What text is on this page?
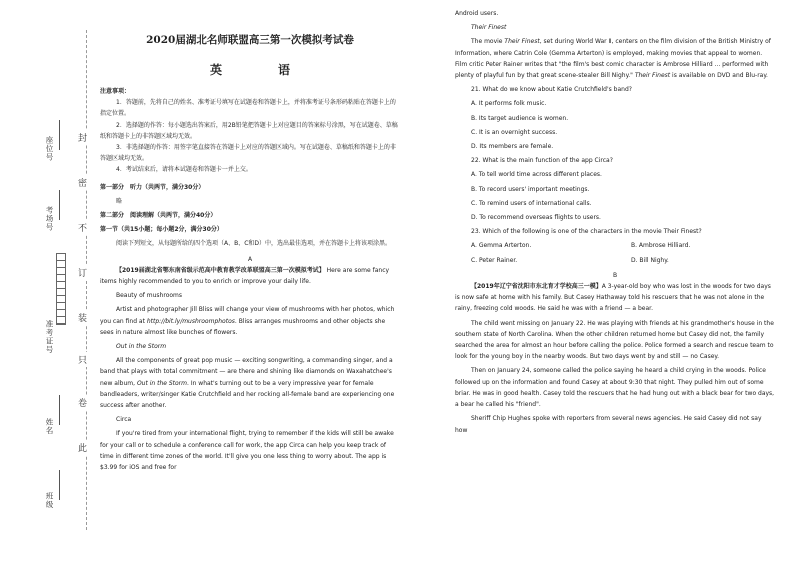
封
密
不
订
装
只
卷
此
座位号
考场号
准考证号
姓名
班级
2020届湖北名师联盟高三第一次模拟考试卷
英　语

注意事项：

1．答题前，先将自己的姓名、准考证号填写在试题卷和答题卡上，并将准考证号条形码粘贴在答题卡上的指定位置。

2．选择题的作答：每小题选出答案后，用2B铅笔把答题卡上对应题目的答案标号涂黑，写在试题卷、草稿纸和答题卡上的非答题区域均无效。

3．非选择题的作答：用签字笔直接答在答题卡上对应的答题区域内。写在试题卷、草稿纸和答题卡上的非答题区域均无效。

4．考试结束后，请将本试题卷和答题卡一并上交。

第一部分　听力（共两节，满分30分）

略

第二部分　阅读理解（共两节，满分40分）

第一节（共15小题；每小题2分，满分30分）

阅读下列短文，从每题所给的四个选项（A、B、C和D）中，选出最佳选项，并在答题卡上将该项涂黑。

A

【2019届湖北省鄂东南省级示范高中教育教学改革联盟高三第一次模拟考试】 Here are some fancy items highly recommended to you to enrich or improve your daily life.

Beauty of mushrooms

Artist and photographer Jill Bliss will change your view of mushrooms with her photos, which you can find at http://bit.ly/mushroomphotos. Bliss arranges mushrooms and other objects she sees in nature almost like bunches of flowers.

Out in the Storm

All the components of great pop music — exciting songwriting, a commanding singer, and a band that plays with total commitment — are there and shining like diamonds on Waxahatchee's new album, Out in the Storm. In what's turning out to be a very impressive year for female bandleaders, writer/singer Katie Crutchfield and her rocking all-female band are experiencing one success after another.

Circa

If you're tired from your international flight, trying to remember if the kids will still be awake for your call or to schedule a conference call for work, the app Circa can help you keep track of time in different time zones of the world. It'll give you one less thing to worry about. The app is $3.99 for iOS and free for

Android users.

Their Finest

The movie Their Finest, set during World War Ⅱ, centers on the film division of the British Ministry of Information, where Catrin Cole (Gemma Arterton) is employed, making movies that appeal to women. Film critic Peter Rainer writes that "the film's best comic character is Ambrose Hilliard ... performed with plenty of playful fun by that great scene-stealer Bill Nighy." Their Finest is available on DVD and Blu-ray.

21. What do we know about Katie Crutchfield's band?

A. It performs folk music.

B. Its target audience is women.

C. It is an overnight success.

D. Its members are female.

22. What is the main function of the app Circa?

A. To tell world time across different places.

B. To record users' important meetings.

C. To remind users of international calls.

D. To recommend overseas flights to users.

23. Which of the following is one of the characters in the movie Their Finest?

A. Gemma Arterton.	B. Ambrose Hilliard.

C. Peter Rainer.	D. Bill Nighy.

B

【2019年辽宁省沈阳市东北育才学校高三一模】A 3-year-old boy who was lost in the woods for two days is now safe at home with his family. But Casey Hathaway told his rescuers that he was not alone in the rainy, freezing cold woods. He said he was with a friend — a bear.

The child went missing on January 22. He was playing with friends at his grandmother's house in the southern state of North Carolina. When the other children returned home but Casey did not, the family searched the area for almost an hour before calling the police. Police formed a search and rescue team to look for the young boy in the nearby woods. But two days went by and still — no Casey.

Then on January 24, someone called the police saying he heard a child crying in the woods. Police followed up on the information and found Casey at about 9:30 that night. They pulled him out of some briar. He was in good health. Casey told the rescuers that he had hung out with a black bear for two days, a bear he called his "friend".

Sheriff Chip Hughes spoke with reporters from several news agencies. He said Casey did not say how
